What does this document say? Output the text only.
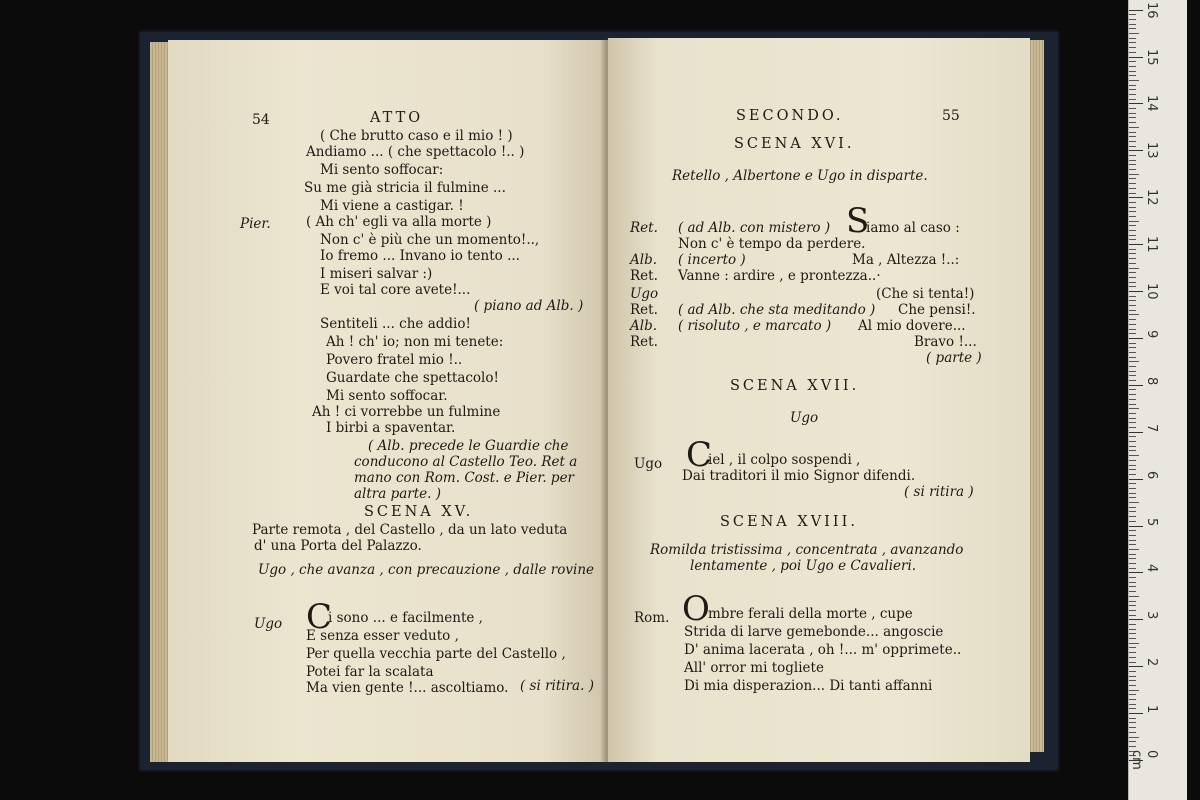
54	ATTO
( Che brutto caso e il mio ! )
Andiamo ... ( che spettacolo !.. )
Mi sento soffocar:
Su me già stricia il fulmine ...
Mi viene a castigar. !
Pier.	( Ah ch' egli va alla morte )
Non c' è più che un momento!..,
Io fremo ... Invano io tento ...
I miseri salvar :)
E voi tal core avete!...
( piano ad Alb. )
Sentiteli ... che addio!
Ah ! ch' io; non mi tenete:
Povero fratel mio !..
Guardate che spettacolo!
Mi sento soffocar.
Ah ! ci vorrebbe un fulmine
I birbi a spaventar.
( Alb. precede le Guardie che
conducono al Castello Teo. Ret a
mano con Rom. Cost. e Pier. per
altra parte. )
SCENA XV.
Parte remota , del Castello , da un lato veduta
d' una Porta del Palazzo.
Ugo , che avanza , con precauzione , dalle rovine
Ugo C
i sono ... e facilmente ,
E senza esser veduto ,
Per quella vecchia parte del Castello ,
Potei far la scalata
Ma vien gente !... ascoltiamo. ( si ritira. )
SECONDO.	55
SCENA XVI.
Retello , Albertone e Ugo in disparte.
Ret. ( ad Alb. con mistero ) S
iamo al caso :
Non c' è tempo da perdere.
Alb. ( incerto )	Ma , Altezza !..:
Ret. Vanne : ardire , e prontezza..·
Ugo	(Che si tenta!)
Ret. ( ad Alb. che sta meditando ) Che pensi!.
Alb. ( risoluto , e marcato ) Al mio dovere...
Ret.	Bravo !...
( parte )
SCENA XVII.
Ugo
Ugo C
iel , il colpo sospendi ,
Dai traditori il mio Signor difendi.
( si ritira )
SCENA XVIII.
Romilda tristissima , concentrata , avanzando
lentamente , poi Ugo e Cavalieri.
Rom. O
mbre ferali della morte , cupe
Strida di larve gemebonde... angoscie
D' anima lacerata , oh !... m' opprimete..
All' orror mi togliete
Di mia disperazion... Di tanti affanni
0 cm
1
2
3
4
5
6
7
8
9
10
11
12
13
14
15
16
